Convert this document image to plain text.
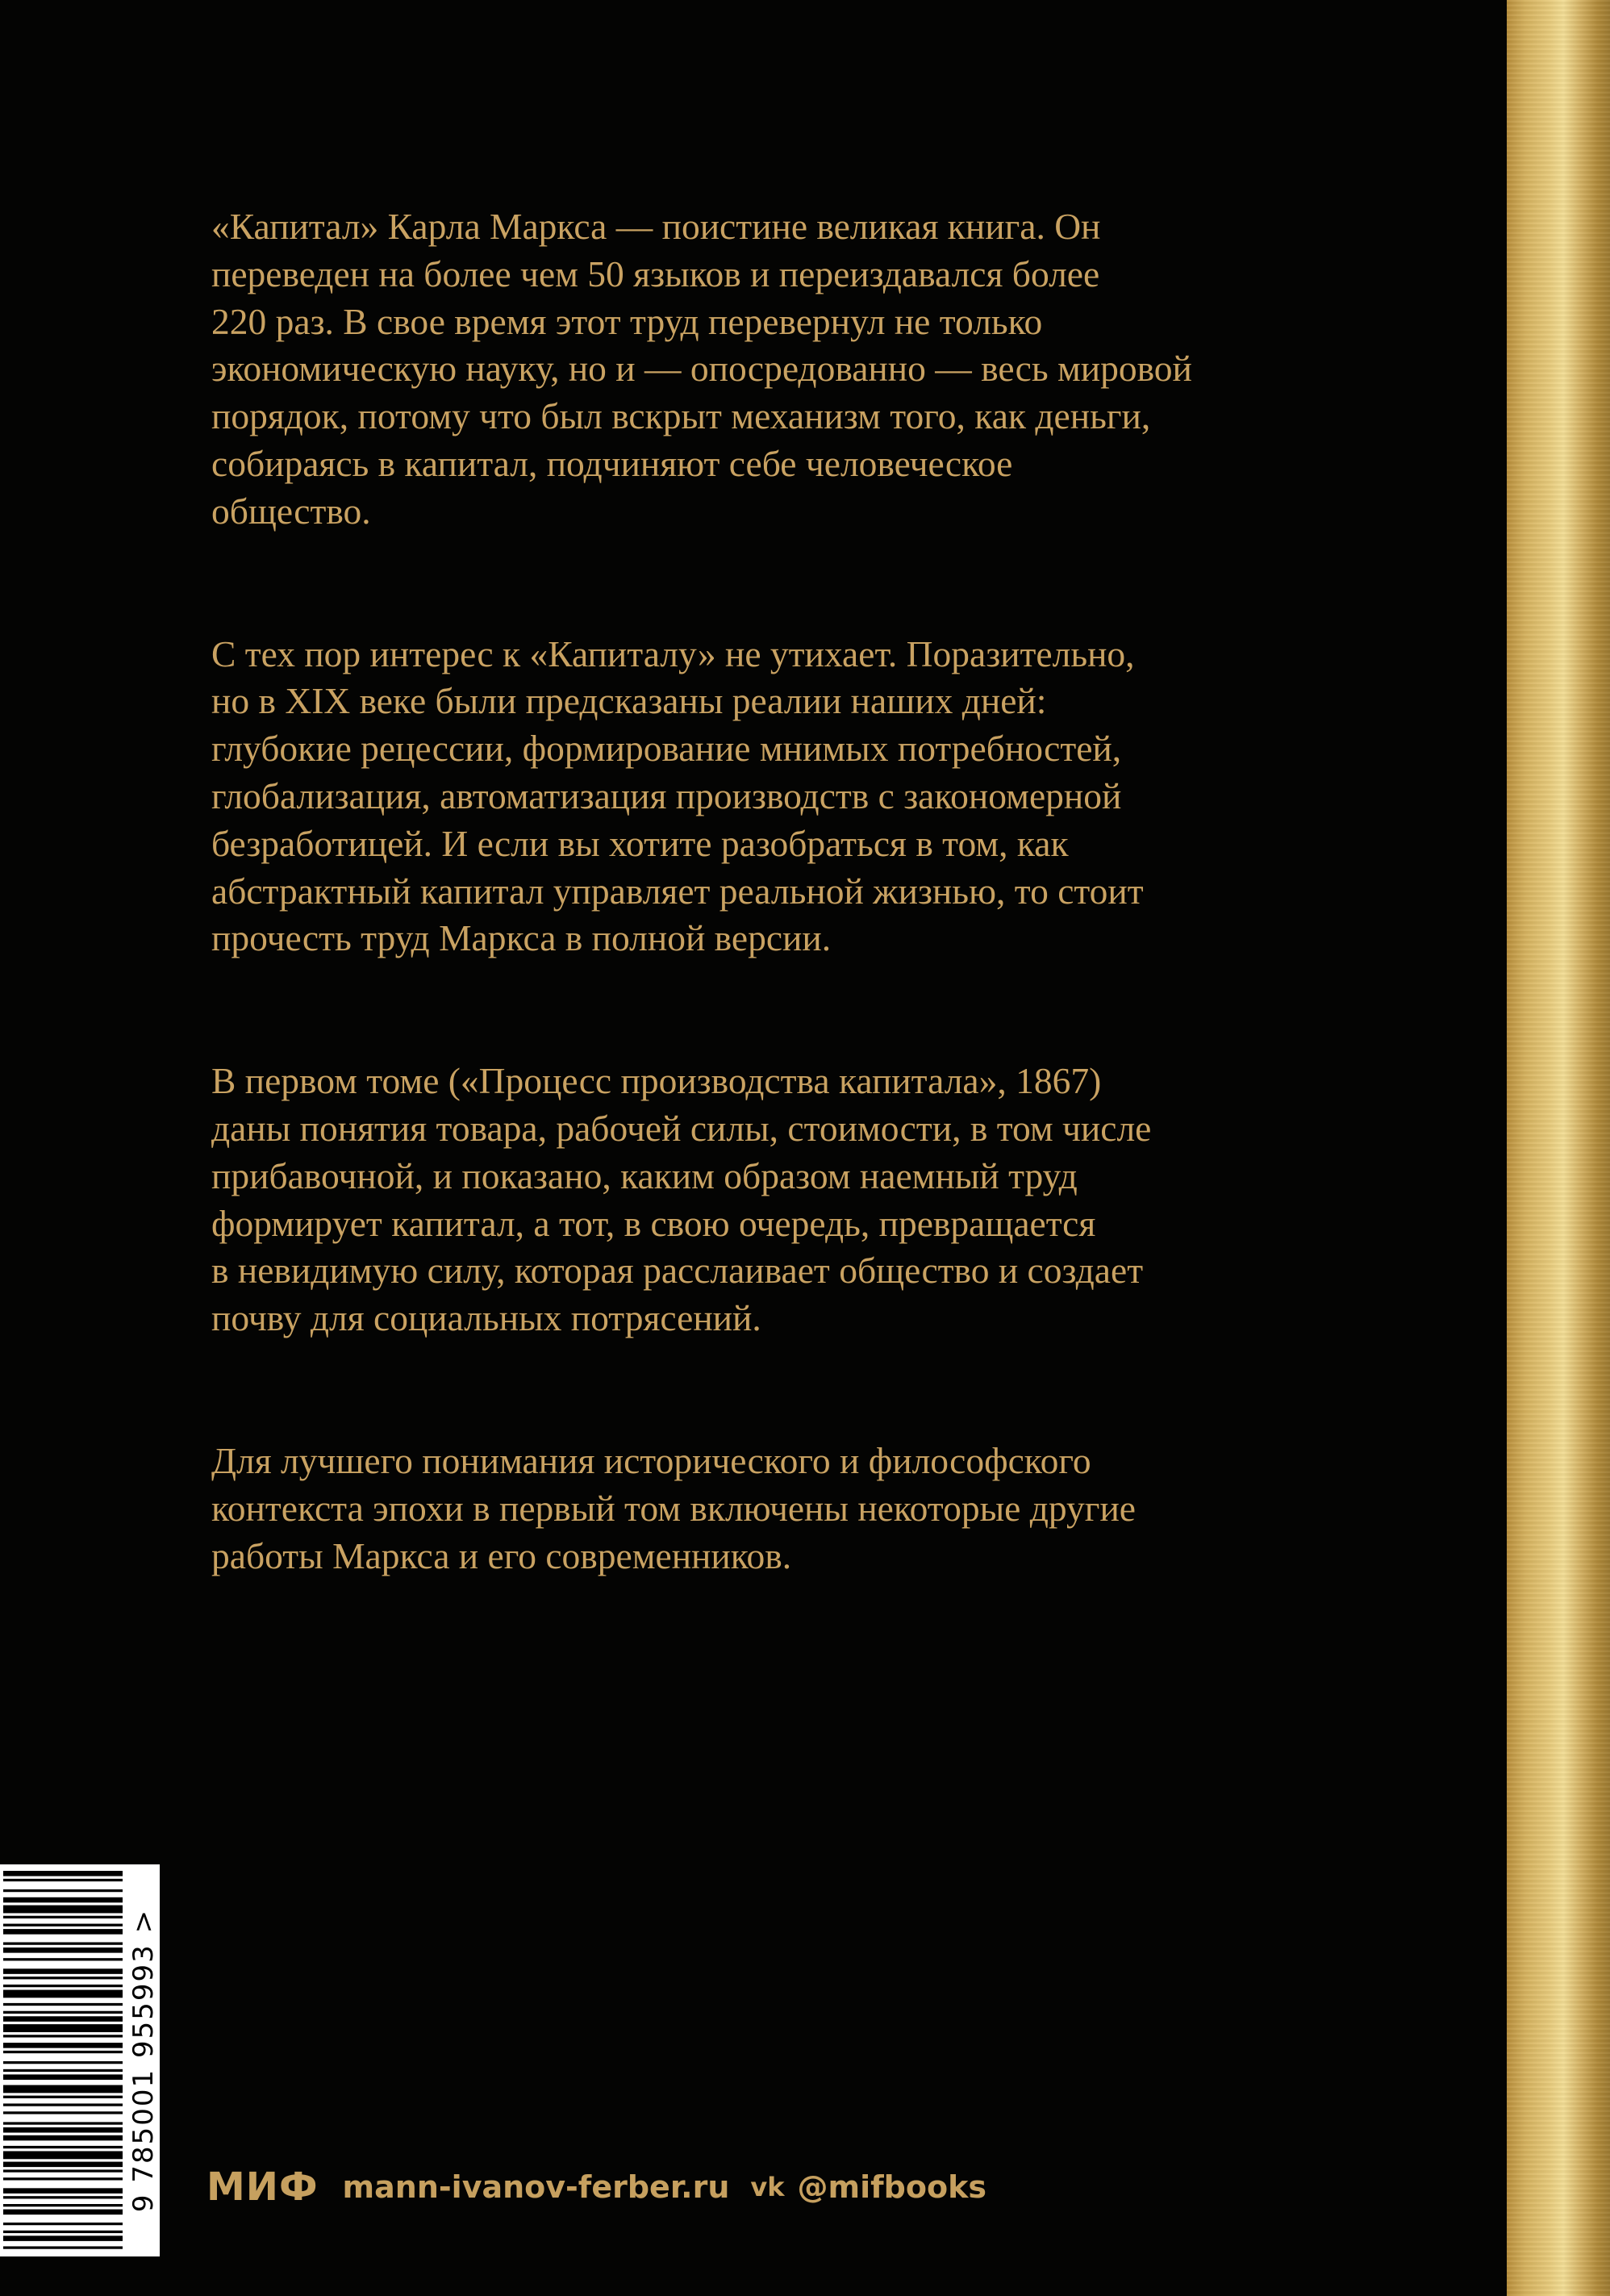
«Капитал» Карла Маркса — поистине великая книга. Он
переведен на более чем 50 языков и переиздавался более
220 раз. В свое время этот труд перевернул не только
экономическую науку, но и — опосредованно — весь мировой
порядок, потому что был вскрыт механизм того, как деньги,
собираясь в капитал, подчиняют себе человеческое
общество.

С тех пор интерес к «Капиталу» не утихает. Поразительно,
но в XIX веке были предсказаны реалии наших дней:
глубокие рецессии, формирование мнимых потребностей,
глобализация, автоматизация производств с закономерной
безработицей. И если вы хотите разобраться в том, как
абстрактный капитал управляет реальной жизнью, то стоит
прочесть труд Маркса в полной версии.

В первом томе («Процесс производства капитала», 1867)
даны понятия товара, рабочей силы, стоимости, в том числе
прибавочной, и показано, каким образом наемный труд
формирует капитал, а тот, в свою очередь, превращается
в невидимую силу, которая расслаивает общество и создает
почву для социальных потрясений.

Для лучшего понимания исторического и философского
контекста эпохи в первый том включены некоторые другие
работы Маркса и его современников.

9 785001 955993 > МИФ mann-ivanov-ferber.ru vk @mifbooks
